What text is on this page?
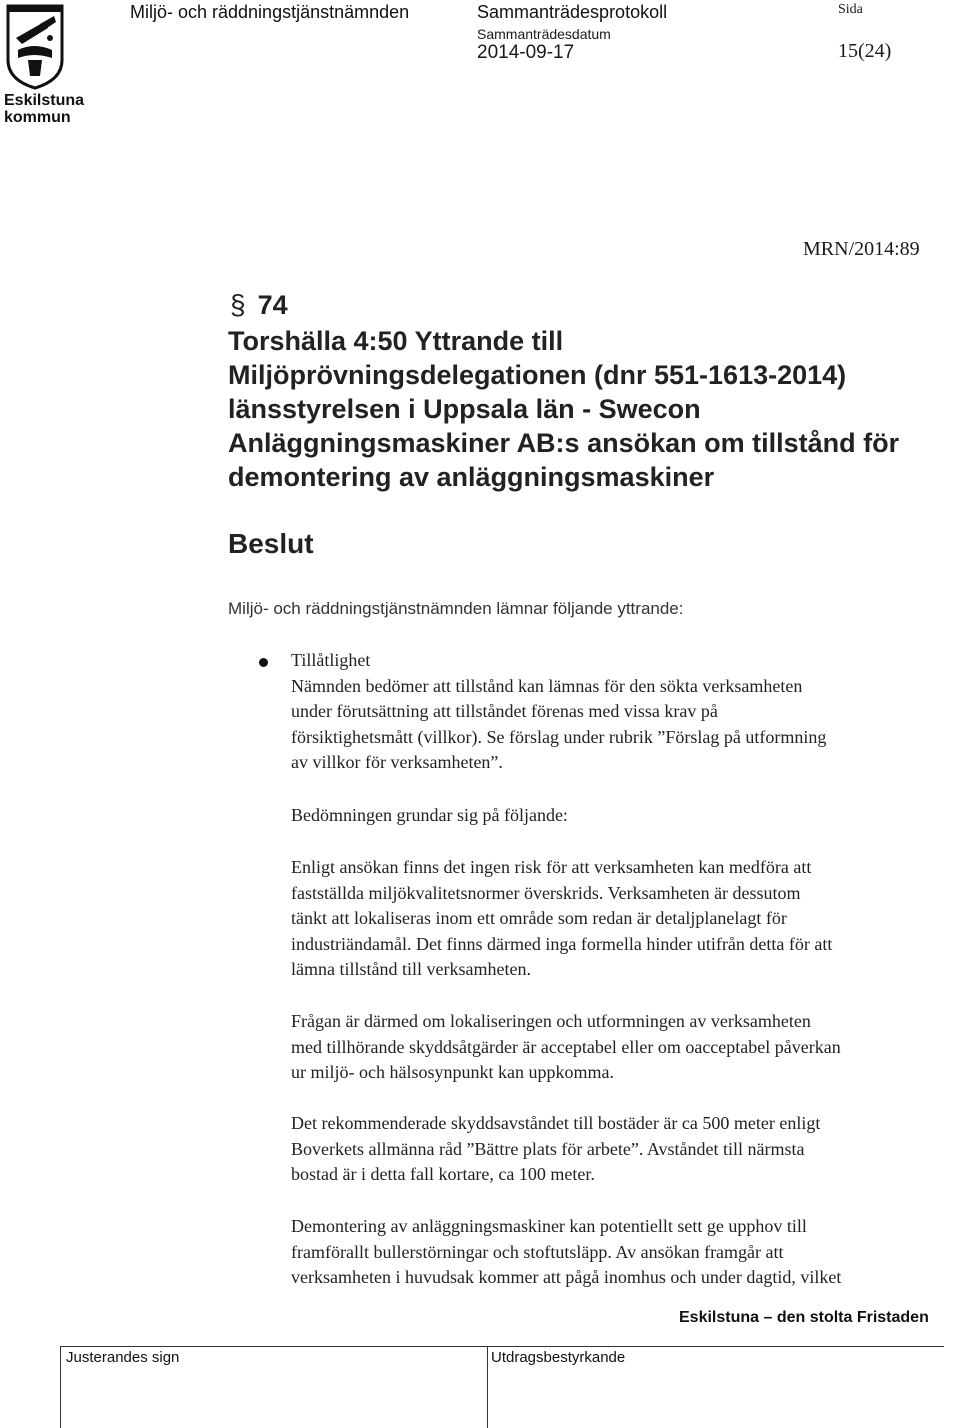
Miljö- och räddningstjänstnämnden	Sammanträdesprotokoll
Sammanträdesdatum
2014-09-17
Sida
15(24)
Eskilstuna
kommun
MRN/2014:89
§ 74
Torshälla 4:50 Yttrande till
Miljöprövningsdelegationen (dnr 551-1613-2014)
länsstyrelsen i Uppsala län - Swecon
Anläggningsmaskiner AB:s ansökan om tillstånd för
demontering av anläggningsmaskiner
Beslut
Miljö- och räddningstjänstnämnden lämnar följande yttrande:
Tillåtlighet
Nämnden bedömer att tillstånd kan lämnas för den sökta verksamheten
under förutsättning att tillståndet förenas med vissa krav på
försiktighetsmått (villkor). Se förslag under rubrik ”Förslag på utformning
av villkor för verksamheten”.
Bedömningen grundar sig på följande:
Enligt ansökan finns det ingen risk för att verksamheten kan medföra att
fastställda miljökvalitetsnormer överskrids. Verksamheten är dessutom
tänkt att lokaliseras inom ett område som redan är detaljplanelagt för
industriändamål. Det finns därmed inga formella hinder utifrån detta för att
lämna tillstånd till verksamheten.
Frågan är därmed om lokaliseringen och utformningen av verksamheten
med tillhörande skyddsåtgärder är acceptabel eller om oacceptabel påverkan
ur miljö- och hälsosynpunkt kan uppkomma.
Det rekommenderade skyddsavståndet till bostäder är ca 500 meter enligt
Boverkets allmänna råd ”Bättre plats för arbete”. Avståndet till närmsta
bostad är i detta fall kortare, ca 100 meter.
Demontering av anläggningsmaskiner kan potentiellt sett ge upphov till
framförallt bullerstörningar och stoftutsläpp. Av ansökan framgår att
verksamheten i huvudsak kommer att pågå inomhus och under dagtid, vilket
Eskilstuna – den stolta Fristaden
Justerandes sign	Utdragsbestyrkande
